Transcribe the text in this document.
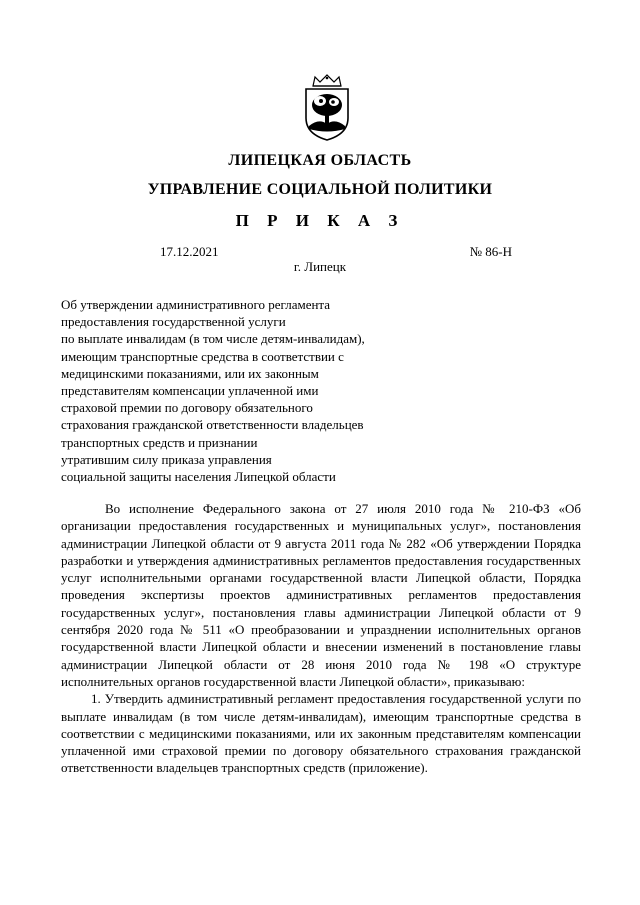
ЛИПЕЦКАЯ ОБЛАСТЬ
УПРАВЛЕНИЕ СОЦИАЛЬНОЙ ПОЛИТИКИ
П Р И К А З
17.12.2021	№ 86-Н
г. Липецк
Об утверждении административного регламента
предоставления государственной услуги
по выплате инвалидам (в том числе детям-инвалидам),
имеющим транспортные средства в соответствии с
медицинскими показаниями, или их законным
представителям компенсации уплаченной ими
страховой премии по договору обязательного
страхования гражданской ответственности владельцев
транспортных средств и признании
утратившим силу приказа управления
социальной защиты населения Липецкой области

Во исполнение Федерального закона от 27 июля 2010 года № 210-ФЗ «Об организации предоставления государственных и муниципальных услуг», постановления администрации Липецкой области от 9 августа 2011 года № 282 «Об утверждении Порядка разработки и утверждения административных регламентов предоставления государственных услуг исполнительными органами государственной власти Липецкой области, Порядка проведения экспертизы проектов административных регламентов предоставления государственных услуг», постановления главы администрации Липецкой области от 9 сентября 2020 года № 511 «О преобразовании и упразднении исполнительных органов государственной власти Липецкой области и внесении изменений в постановление главы администрации Липецкой области от 28 июня 2010 года № 198 «О структуре исполнительных органов государственной власти Липецкой области», приказываю:

1. Утвердить административный регламент предоставления государственной услуги по выплате инвалидам (в том числе детям-инвалидам), имеющим транспортные средства в соответствии с медицинскими показаниями, или их законным представителям компенсации уплаченной ими страховой премии по договору обязательного страхования гражданской ответственности владельцев транспортных средств (приложение).
